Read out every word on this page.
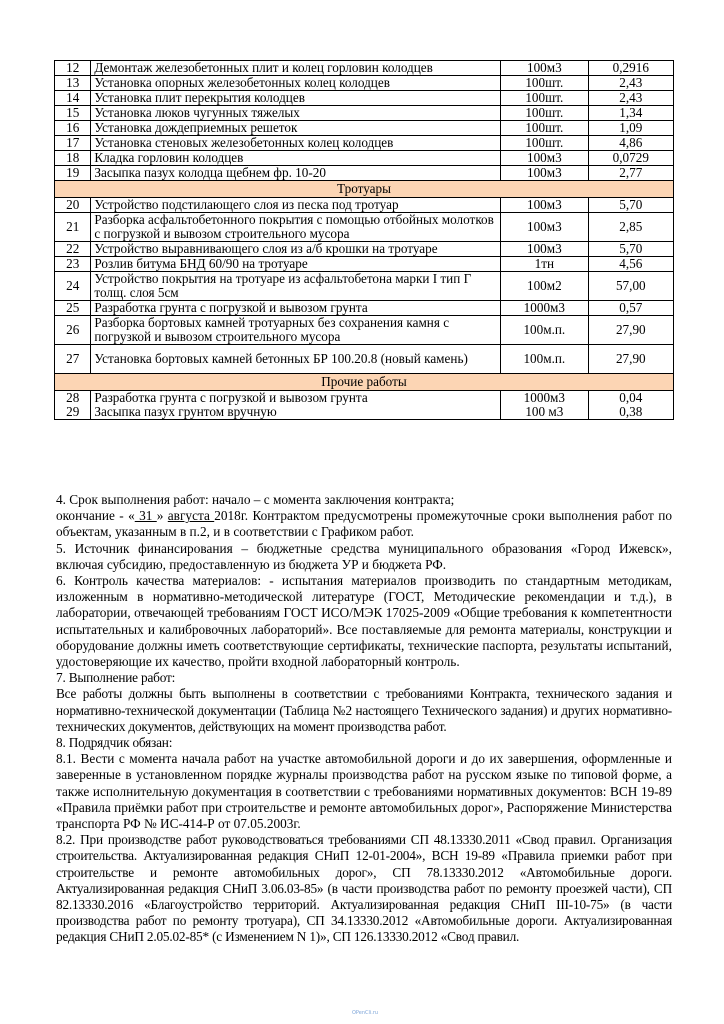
12	Демонтаж железобетонных плит и колец горловин колодцев	100м3	0,2916
13	Установка опорных железобетонных колец колодцев	100шт.	2,43
14	Установка плит перекрытия колодцев	100шт.	2,43
15	Установка люков чугунных тяжелых	100шт.	1,34
16	Установка дождеприемных решеток	100шт.	1,09
17	Установка стеновых железобетонных колец колодцев	100шт.	4,86
18	Кладка горловин колодцев	100м3	0,0729
19	Засыпка пазух колодца щебнем фр. 10-20	100м3	2,77
Тротуары			
20	Устройство подстилающего слоя из песка под тротуар	100м3	5,70
21	Разборка асфальтобетонного покрытия с помощью отбойных молотков с погрузкой и вывозом строительного мусора	100м3	2,85
22	Устройство выравнивающего слоя из а/б крошки на тротуаре	100м3	5,70
23	Розлив битума БНД 60/90 на тротуаре	1тн	4,56
24	Устройство покрытия на тротуаре из асфальтобетона марки I тип Г толщ. слоя 5см	100м2	57,00
25	Разработка грунта с погрузкой и вывозом грунта	1000м3	0,57
26	Разборка бортовых камней тротуарных без сохранения камня с погрузкой и вывозом строительного мусора	100м.п.	27,90
27	Установка бортовых камней бетонных БР 100.20.8 (новый камень)	100м.п.	27,90
Прочие работы			
28	Разработка грунта с погрузкой и вывозом грунта	1000м3	0,04
29	Засыпка пазух грунтом вручную	100 м3	0,38

4. Срок выполнения работ: начало – с момента заключения контракта;

окончание - « 31 » августа 2018г. Контрактом предусмотрены промежуточные сроки выполнения работ по объектам, указанным в п.2, и в соответствии с Графиком работ.

5. Источник финансирования – бюджетные средства муниципального образования «Город Ижевск», включая субсидию, предоставленную из бюджета УР и бюджета РФ.

6. Контроль качества материалов: - испытания материалов производить по стандартным методикам, изложенным в нормативно-методической литературе (ГОСТ, Методические рекомендации и т.д.), в лаборатории, отвечающей требованиям ГОСТ ИСО/МЭК 17025-2009 «Общие требования к компетентности испытательных и калибровочных лабораторий». Все поставляемые для ремонта материалы, конструкции и оборудование должны иметь соответствующие сертификаты, технические паспорта, результаты испытаний, удостоверяющие их качество, пройти входной лабораторный контроль.

7. Выполнение работ:

Все работы должны быть выполнены в соответствии с требованиями Контракта, технического задания и нормативно-технической документации (Таблица №2 настоящего Технического задания) и других нормативно-технических документов, действующих на момент производства работ.

8. Подрядчик обязан:

8.1. Вести с момента начала работ на участке автомобильной дороги и до их завершения, оформленные и заверенные в установленном порядке журналы производства работ на русском языке по типовой форме, а также исполнительную документация в соответствии с требованиями нормативных документов: ВСН 19-89 «Правила приёмки работ при строительстве и ремонте автомобильных дорог», Распоряжение Министерства транспорта РФ № ИС-414-Р от 07.05.2003г.

8.2. При производстве работ руководствоваться требованиями СП 48.13330.2011 «Свод правил. Организация строительства. Актуализированная редакция СНиП 12-01-2004», ВСН 19-89 «Правила приемки работ при строительстве и ремонте автомобильных дорог», СП 78.13330.2012 «Автомобильные дороги. Актуализированная редакция СНиП 3.06.03-85» (в части производства работ по ремонту проезжей части), СП 82.13330.2016 «Благоустройство территорий. Актуализированная редакция СНиП III-10-75» (в части производства работ по ремонту тротуара), СП 34.13330.2012 «Автомобильные дороги. Актуализированная редакция СНиП 2.05.02-85* (с Изменением N 1)», СП 126.13330.2012 «Свод правил.

OPenCli.ru
